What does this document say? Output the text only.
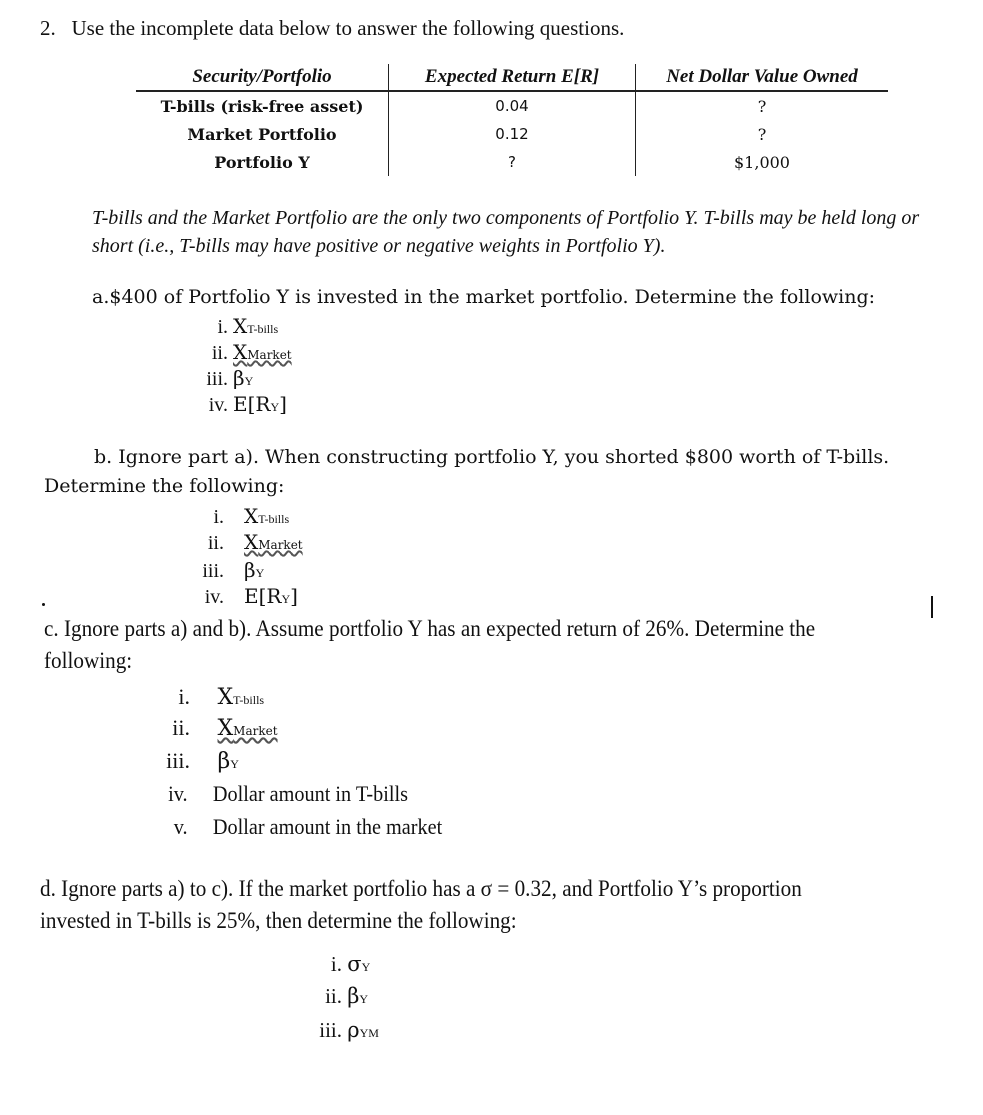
2. Use the incomplete data below to answer the following questions.
Security/Portfolio	Expected Return E[R]	Net Dollar Value Owned
T-bills (risk-free asset)	0.04	?
Market Portfolio	0.12	?
Portfolio Y	?	$1,000
T-bills and the Market Portfolio are the only two components of Portfolio Y. T-bills may be held long or short (i.e., T-bills may have positive or negative weights in Portfolio Y).
a.$400 of Portfolio Y is invested in the market portfolio. Determine the following:
i. XT-bills
ii. XMarket
iii. βY
iv. E[RY]
b. Ignore part a). When constructing portfolio Y, you shorted $800 worth of T-bills.
Determine the following:
i. XT-bills
ii. XMarket
iii. βY
iv. E[RY]
c. Ignore parts a) and b). Assume portfolio Y has an expected return of 26%. Determine the
following:
i. XT-bills
ii. XMarket
iii. βY
iv. Dollar amount in T-bills
v. Dollar amount in the market
d. Ignore parts a) to c). If the market portfolio has a σ = 0.32, and Portfolio Y’s proportion
invested in T-bills is 25%, then determine the following:
i. σY
ii. βY
iii. ρYM
